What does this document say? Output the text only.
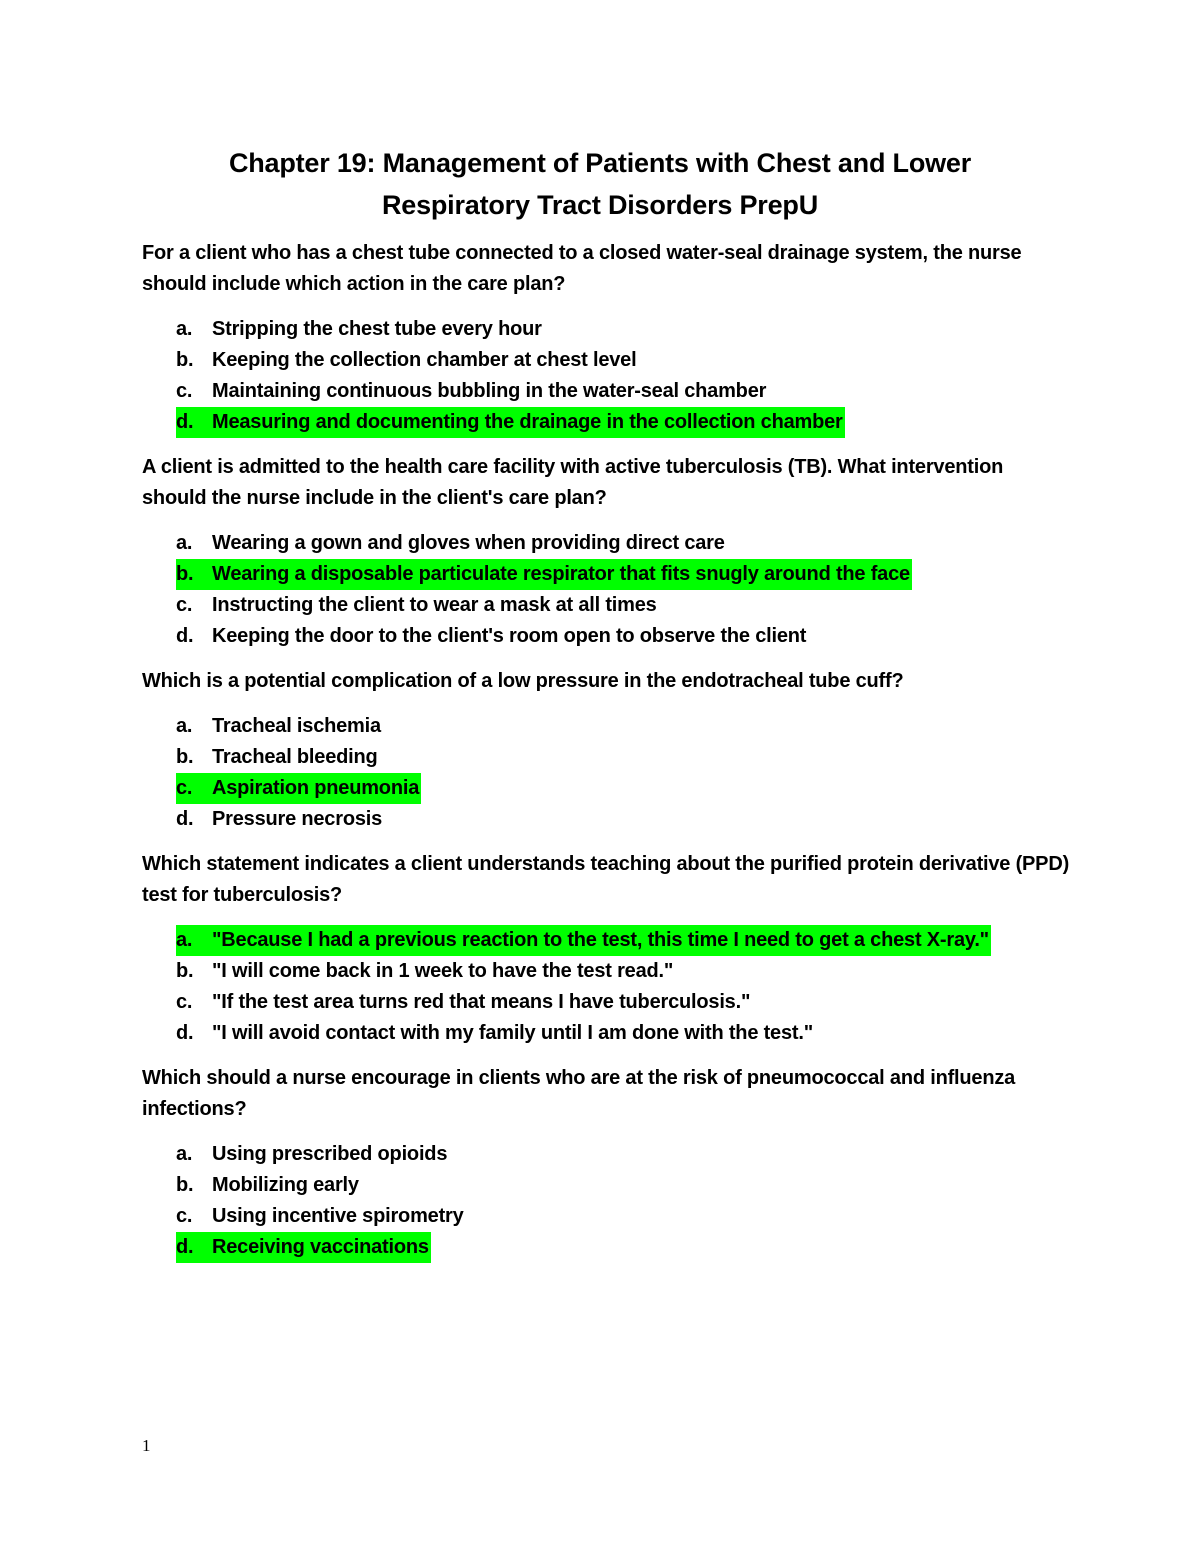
Chapter 19: Management of Patients with Chest and Lower
Respiratory Tract Disorders PrepU

For a client who has a chest tube connected to a closed water-seal drainage system, the nurse should include which action in the care plan?

a. Stripping the chest tube every hour
b. Keeping the collection chamber at chest level
c. Maintaining continuous bubbling in the water-seal chamber
d. Measuring and documenting the drainage in the collection chamber

A client is admitted to the health care facility with active tuberculosis (TB). What intervention should the nurse include in the client's care plan?

a. Wearing a gown and gloves when providing direct care
b. Wearing a disposable particulate respirator that fits snugly around the face
c. Instructing the client to wear a mask at all times
d. Keeping the door to the client's room open to observe the client

Which is a potential complication of a low pressure in the endotracheal tube cuff?

a. Tracheal ischemia
b. Tracheal bleeding
c. Aspiration pneumonia
d. Pressure necrosis

Which statement indicates a client understands teaching about the purified protein derivative (PPD) test for tuberculosis?

a. "Because I had a previous reaction to the test, this time I need to get a chest X-ray."
b. "I will come back in 1 week to have the test read."
c. "If the test area turns red that means I have tuberculosis."
d. "I will avoid contact with my family until I am done with the test."

Which should a nurse encourage in clients who are at the risk of pneumococcal and influenza infections?

a. Using prescribed opioids
b. Mobilizing early
c. Using incentive spirometry
d. Receiving vaccinations
1
